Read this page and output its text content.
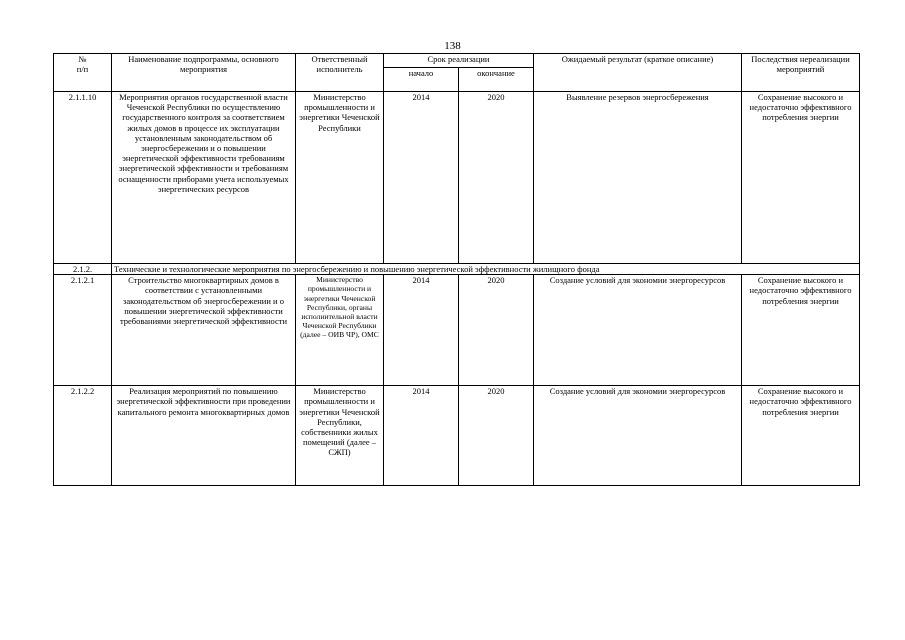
138
№
п/п	Наименование подпрограммы, основного мероприятия	Ответственный исполнитель	Срок реализации		Ожидаемый результат (краткое описание)	Последствия нереализации мероприятий
			начало	окончание		
2.1.1.10	Мероприятия органов государственной власти Чеченской Республики по осуществлению государственного контроля за соответствием жилых домов в процессе их эксплуатации установленным законодательством об энергосбережении и о повышении энергетической эффективности требованиям энергетической эффективности и требованиям оснащенности приборами учета используемых энергетических ресурсов	Министерство промышленности и энергетики Чеченской Республики	2014	2020	Выявление резервов энергосбережения	Сохранение высокого и недостаточно эффективного потребления энергии
2.1.2.	Технические и технологические мероприятия по энергосбережению и повышению энергетической эффективности жилищного фонда					
2.1.2.1	Строительство многоквартирных домов в соответствии с установленными законодательством об энергосбережении и о повышении энергетической эффективности требованиями энергетической эффективности	Министерство промышленности и энергетики Чеченской Республики, органы исполнительной власти Чеченской Республики (далее – ОИВ ЧР), ОМС	2014	2020	Создание условий для экономии энергоресурсов	Сохранение высокого и недостаточно эффективного потребления энергии
2.1.2.2	Реализация мероприятий по повышению энергетической эффективности при проведении капитального ремонта многоквартирных домов	Министерство промышленности и энергетики Чеченской Республики, собственники жилых помещений (далее – СЖП)	2014	2020	Создание условий для экономии энергоресурсов	Сохранение высокого и недостаточно эффективного потребления энергии
